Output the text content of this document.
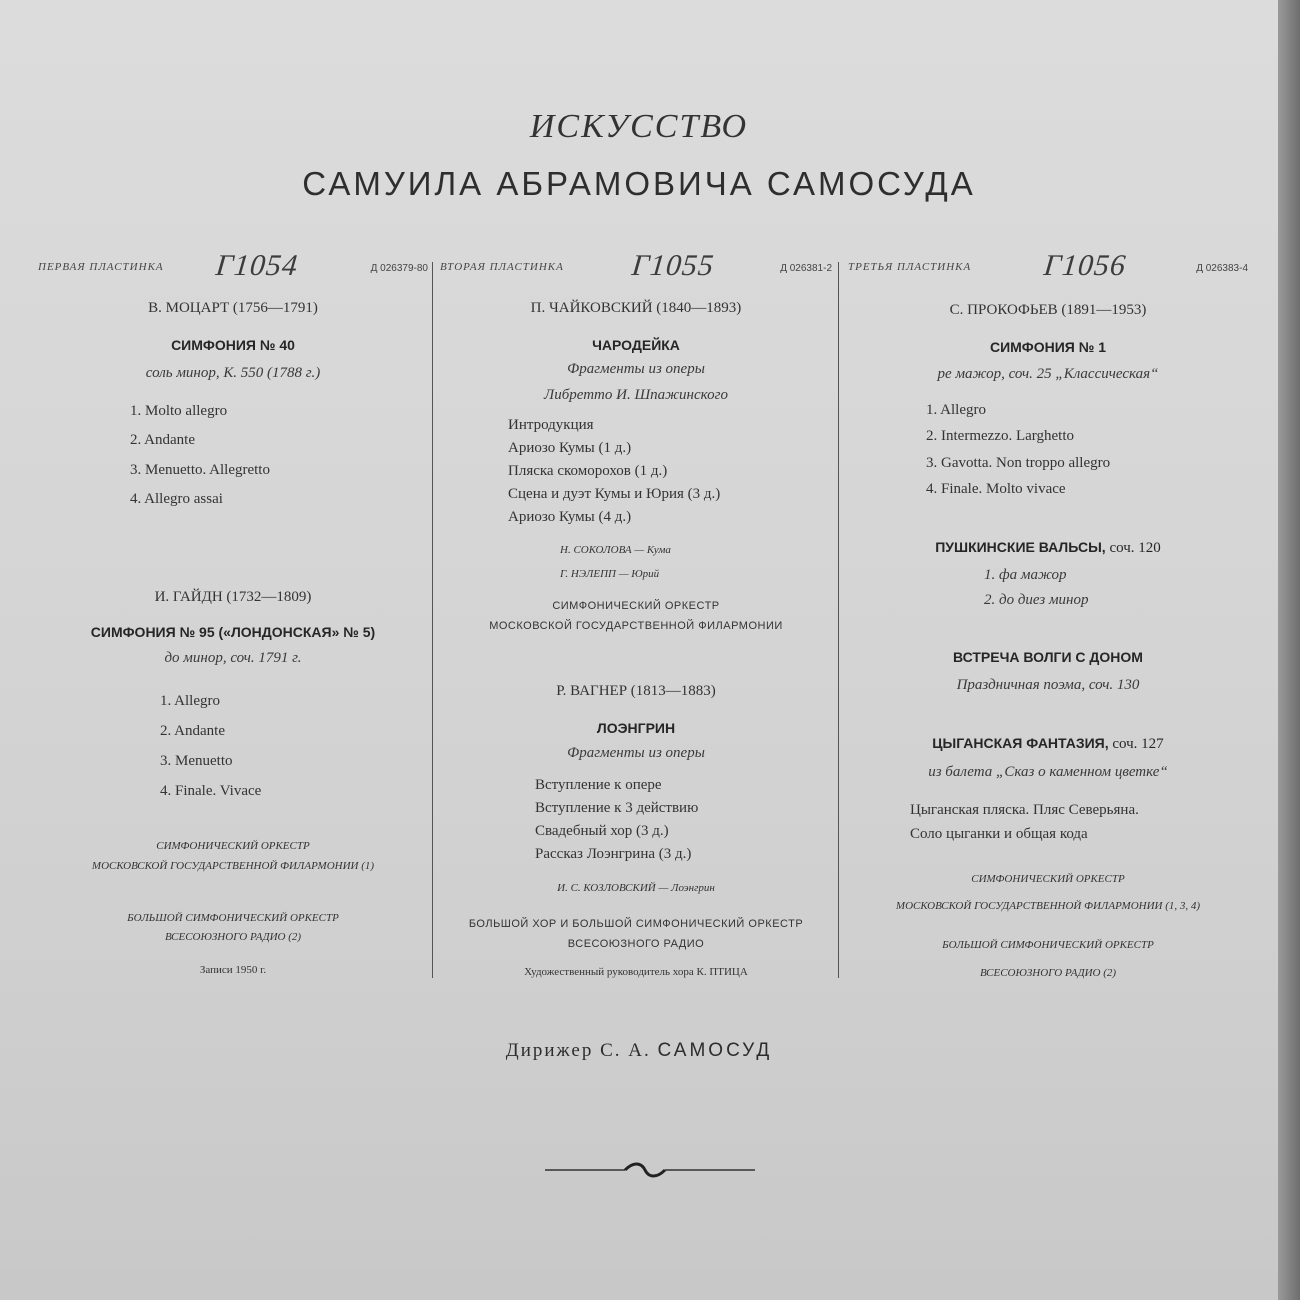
ИСКУССТВО
САМУИЛА АБРАМОВИЧА САМОСУДА
ПЕРВАЯ ПЛАСТИНКА Г1054	Д 026379-80
В. МОЦАРТ (1756—1791)
СИМФОНИЯ № 40
соль минор, К. 550 (1788 г.)
1. Molto allegro
2. Andante
3. Menuetto. Allegretto
4. Allegro assai
И. ГАЙДН (1732—1809)
СИМФОНИЯ № 95 («ЛОНДОНСКАЯ» № 5)
до минор, соч. 1791 г.
1. Allegro
2. Andante
3. Menuetto
4. Finale. Vivace
СИМФОНИЧЕСКИЙ ОРКЕСТР
МОСКОВСКОЙ ГОСУДАРСТВЕННОЙ ФИЛАРМОНИИ (1)
БОЛЬШОЙ СИМФОНИЧЕСКИЙ ОРКЕСТР
ВСЕСОЮЗНОГО РАДИО (2)
Записи 1950 г.
ВТОРАЯ ПЛАСТИНКА Г1055	Д 026381-2
П. ЧАЙКОВСКИЙ (1840—1893)
ЧАРОДЕЙКА
Фрагменты из оперы
Либретто И. Шпажинского
Интродукция
Ариозо Кумы (1 д.)
Пляска скоморохов (1 д.)
Сцена и дуэт Кумы и Юрия (3 д.)
Ариозо Кумы (4 д.)
Н. СОКОЛОВА — Кума
Г. НЭЛЕПП — Юрий
СИМФОНИЧЕСКИЙ ОРКЕСТР
МОСКОВСКОЙ ГОСУДАРСТВЕННОЙ ФИЛАРМОНИИ
Р. ВАГНЕР (1813—1883)
ЛОЭНГРИН
Фрагменты из оперы
Вступление к опере
Вступление к 3 действию
Свадебный хор (3 д.)
Рассказ Лоэнгрина (3 д.)
И. С. КОЗЛОВСКИЙ — Лоэнгрин
БОЛЬШОЙ ХОР И БОЛЬШОЙ СИМФОНИЧЕСКИЙ ОРКЕСТР
ВСЕСОЮЗНОГО РАДИО
Художественный руководитель хора К. ПТИЦА
ТРЕТЬЯ ПЛАСТИНКА Г1056	Д 026383-4
С. ПРОКОФЬЕВ (1891—1953)
СИМФОНИЯ № 1
ре мажор, соч. 25 „Классическая“
1. Allegro
2. Intermezzo. Larghetto
3. Gavotta. Non troppo allegro
4. Finale. Molto vivace
ПУШКИНСКИЕ ВАЛЬСЫ, соч. 120
1. фа мажор
2. до диез минор
ВСТРЕЧА ВОЛГИ С ДОНОМ
Праздничная поэма, соч. 130
ЦЫГАНСКАЯ ФАНТАЗИЯ, соч. 127
из балета „Сказ о каменном цветке“
Цыганская пляска. Пляс Северьяна.
Соло цыганки и общая кода
СИМФОНИЧЕСКИЙ ОРКЕСТР
МОСКОВСКОЙ ГОСУДАРСТВЕННОЙ ФИЛАРМОНИИ (1, 3, 4)
БОЛЬШОЙ СИМФОНИЧЕСКИЙ ОРКЕСТР
ВСЕСОЮЗНОГО РАДИО (2)
Дирижер С. А. САМОСУД
